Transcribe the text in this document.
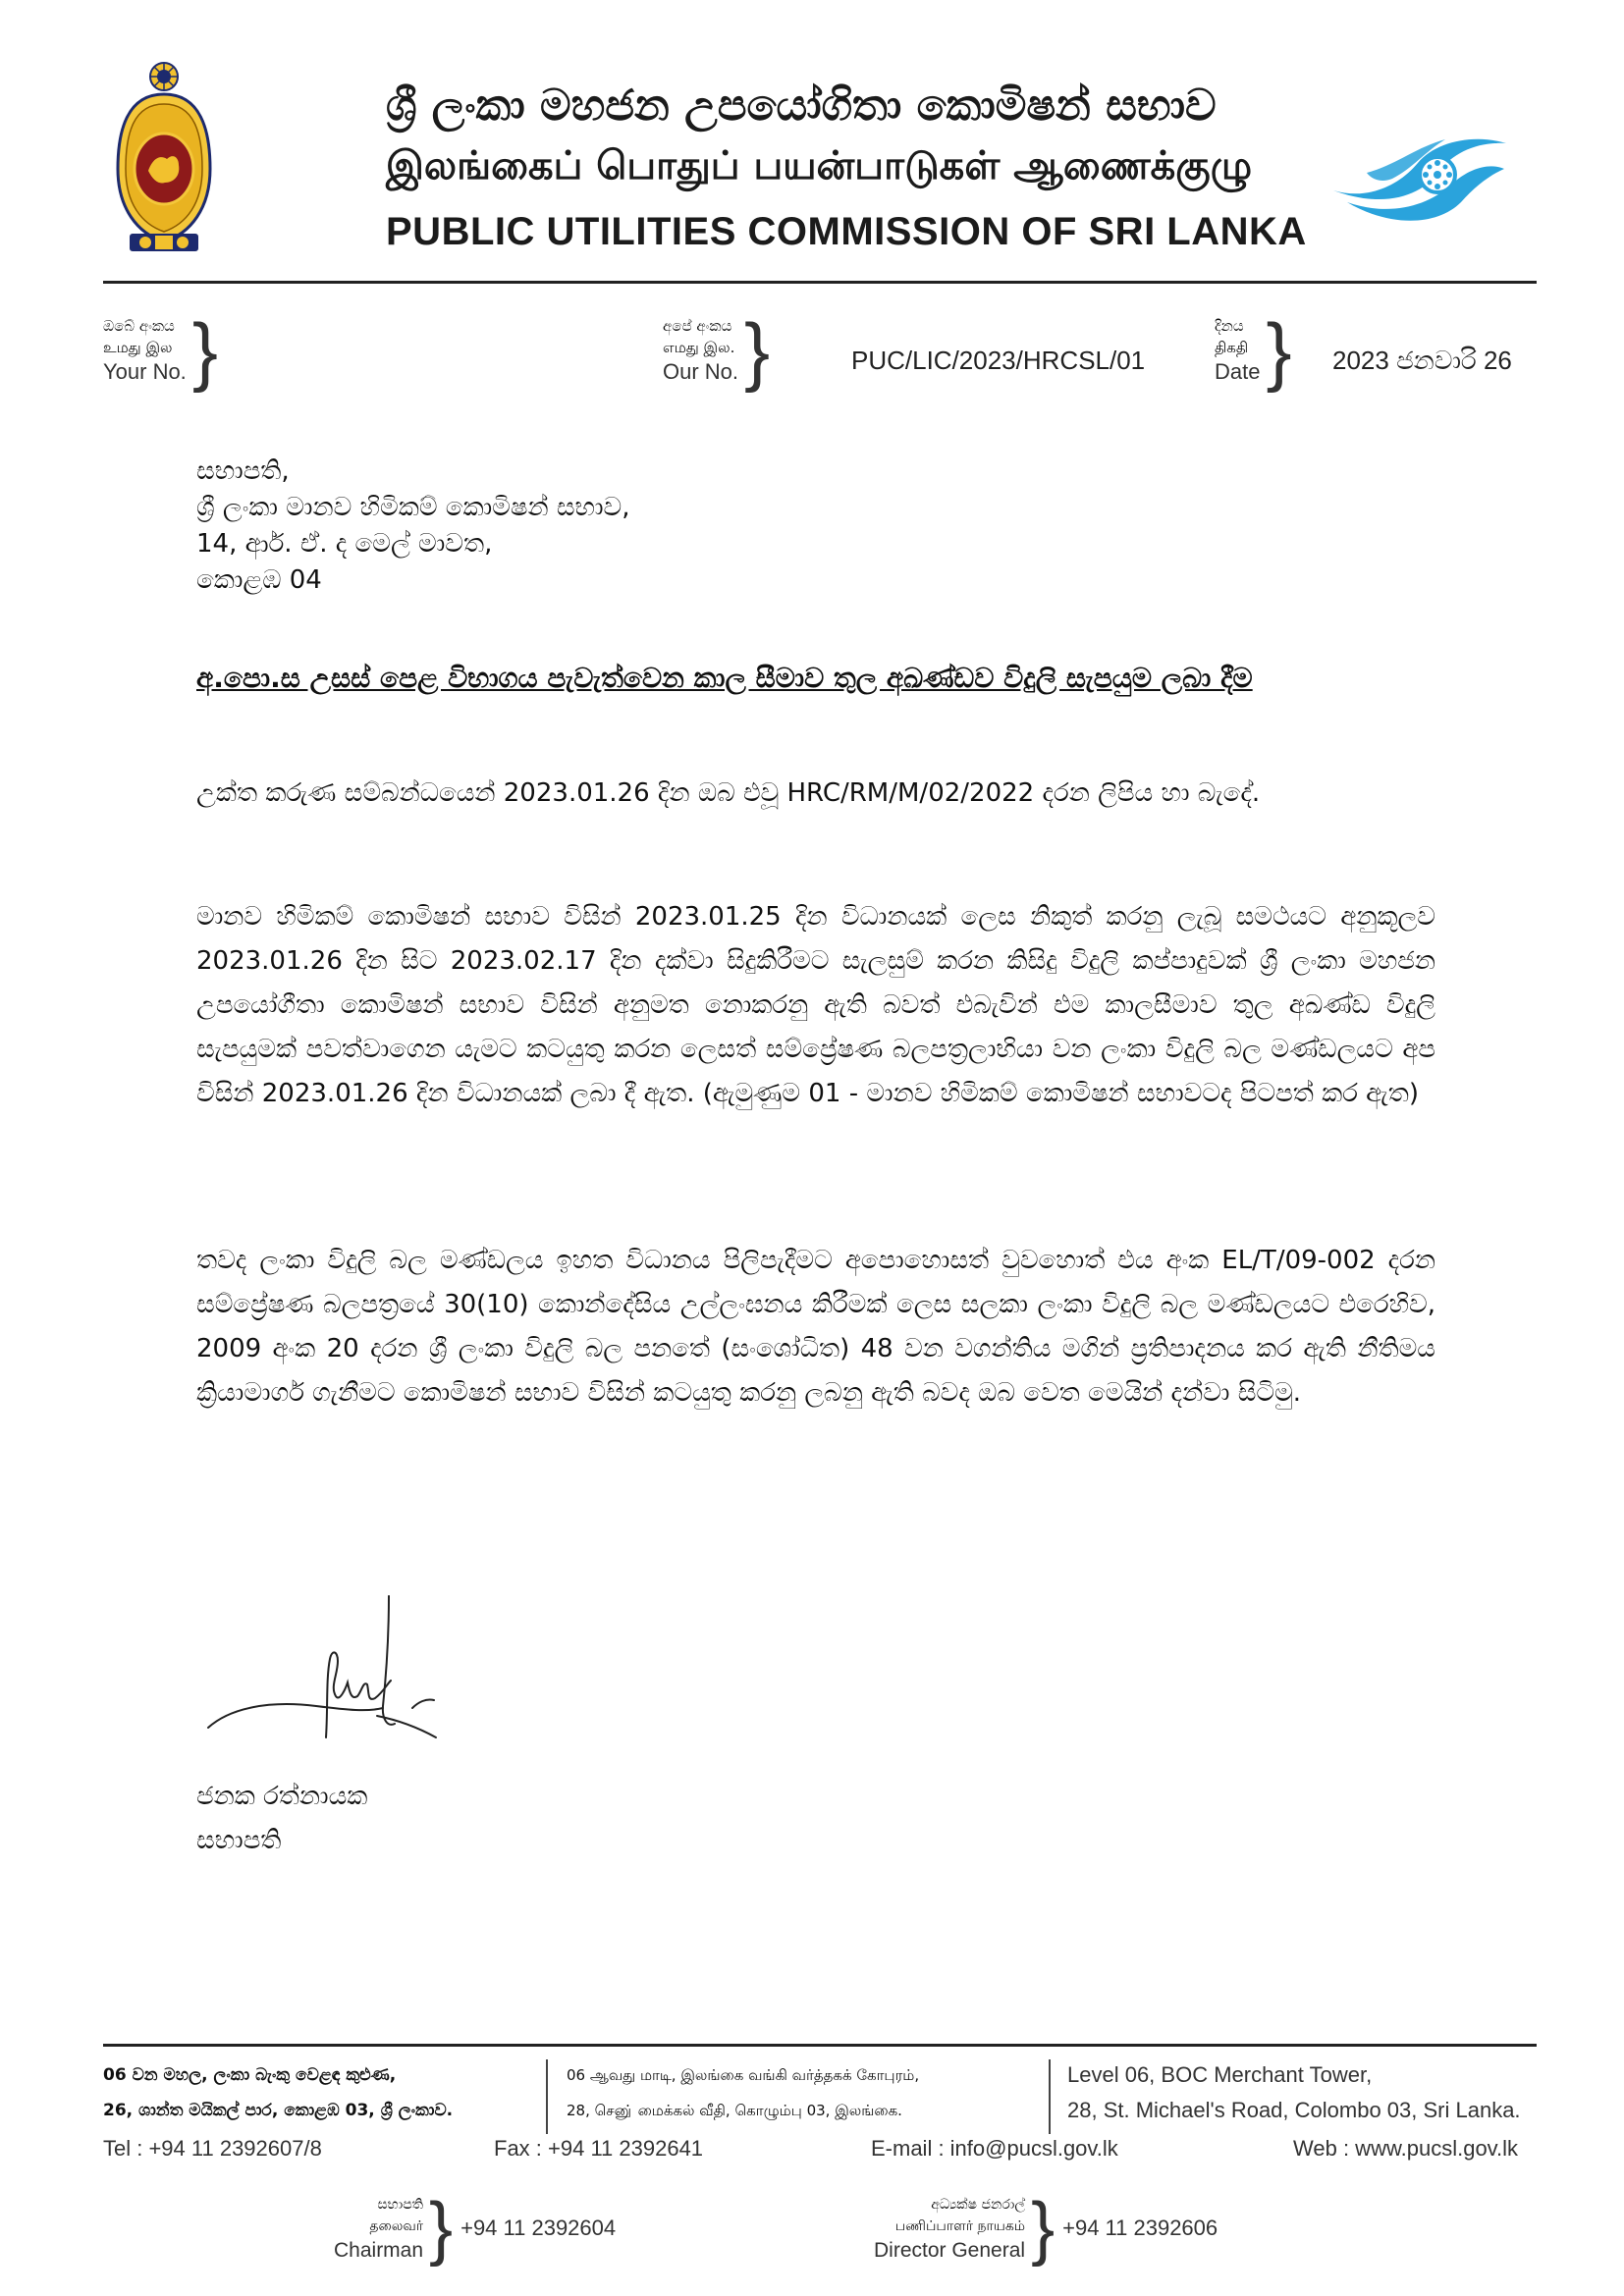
ශ්‍රී ලංකා මහජන උපයෝගිතා කොමිෂන් සභාව
இலங்கைப் பொதுப் பயன்பாடுகள் ஆணைக்குழு
PUBLIC UTILITIES COMMISSION OF SRI LANKA
ඔබේ අංකය
உமது இல
Your No. }	අපේ අංකය
எமது இல.
Our No. }	PUC/LIC/2023/HRCSL/01
දිනය
திகதி
Date } 2023 ජනවාරි 26
සභාපති,
ශ්‍රී ලංකා මානව හිමිකම් කොමිෂන් සභාව,
14, ආර්. ඒ. ද මෙල් මාවත,
කොළඹ 04
අ.පො.ස උසස් පෙළ විභාගය පැවැත්වෙන කාල සීමාව තුල අඛණ්ඩව විදුලි සැපයුම ලබා දීම

උක්ත කරුණ සම්බන්ධයෙන් 2023.01.26 දින ඔබ එවූ HRC/RM/M/02/2022 දරන ලිපිය හා බැදේ.

මානව හිමිකම් කොමිෂන් සභාව විසින් 2023.01.25 දින විධානයක් ලෙස නිකුත් කරනු ලැබූ සමථයට අනුකූලව 2023.01.26 දින සිට 2023.02.17 දින දක්වා සිදුකිරීමට සැලසුම් කරන කිසිදු විදුලි කප්පාදුවක් ශ්‍රී ලංකා මහජන උපයෝගීතා කොමිෂන් සභාව විසින් අනුමත නොකරනු ඇති බවත් එබැවින් එම කාලසීමාව තුල අඛණ්ඩ විදුලි සැපයුමක් පවත්වාගෙන යැමට කටයුතු කරන ලෙසත් සම්ප්‍රේෂණ බලපත්‍රලාභියා වන ලංකා විදුලි බල මණ්ඩලයට අප විසින් 2023.01.26 දින විධානයක් ලබා දී ඇත. (ඇමුණුම 01 - මානව හිමිකම් කොමිෂන් සභාවටද පිටපත් කර ඇත)

තවද ලංකා විදුලි බල මණ්ඩලය ඉහත විධානය පිලිපැදීමට අපොහොසත් වුවහොත් එය අංක EL/T/09-002 දරන සම්ප්‍රේෂණ බලපත්‍රයේ 30(10) කොන්දේසිය උල්ලංඝනය කිරීමක් ලෙස සලකා ලංකා විදුලි බල මණ්ඩලයට එරෙහිව, 2009 අංක 20 දරන ශ්‍රී ලංකා විදුලි බල පනතේ (සංශෝධිත) 48 වන වගන්තිය මගින් ප්‍රතිපාදනය කර ඇති නීතිමය ක්‍රියාමාර්ග ගැනීමට කොමිෂන් සභාව විසින් කටයුතු කරනු ලබනු ඇති බවද ඔබ වෙත මෙයින් දන්වා සිටිමු.

ජනක රත්නායක
සභාපති
06 වන මහල, ලංකා බැංකු වෙළඳ කුළුණ,
26, ශාන්ත මයිකල් පාර, කොළඹ 03, ශ්‍රී ලංකාව.
06 ஆவது மாடி, இலங்கை வங்கி வர்த்தகக் கோபுரம்,
28, செனு் மைக்கல் வீதி, கொழும்பு 03, இலங்கை.
Level 06, BOC Merchant Tower,
28, St. Michael's Road, Colombo 03, Sri Lanka.
Tel : +94 11 2392607/8	Fax : +94 11 2392641	E-mail : info@pucsl.gov.lk	Web : www.pucsl.gov.lk
සභාපති
தலைவர்
Chairman } +94 11 2392604
අධ්‍යක්ෂ ජනරාල්
பணிப்பாளர் நாயகம்
Director General } +94 11 2392606
